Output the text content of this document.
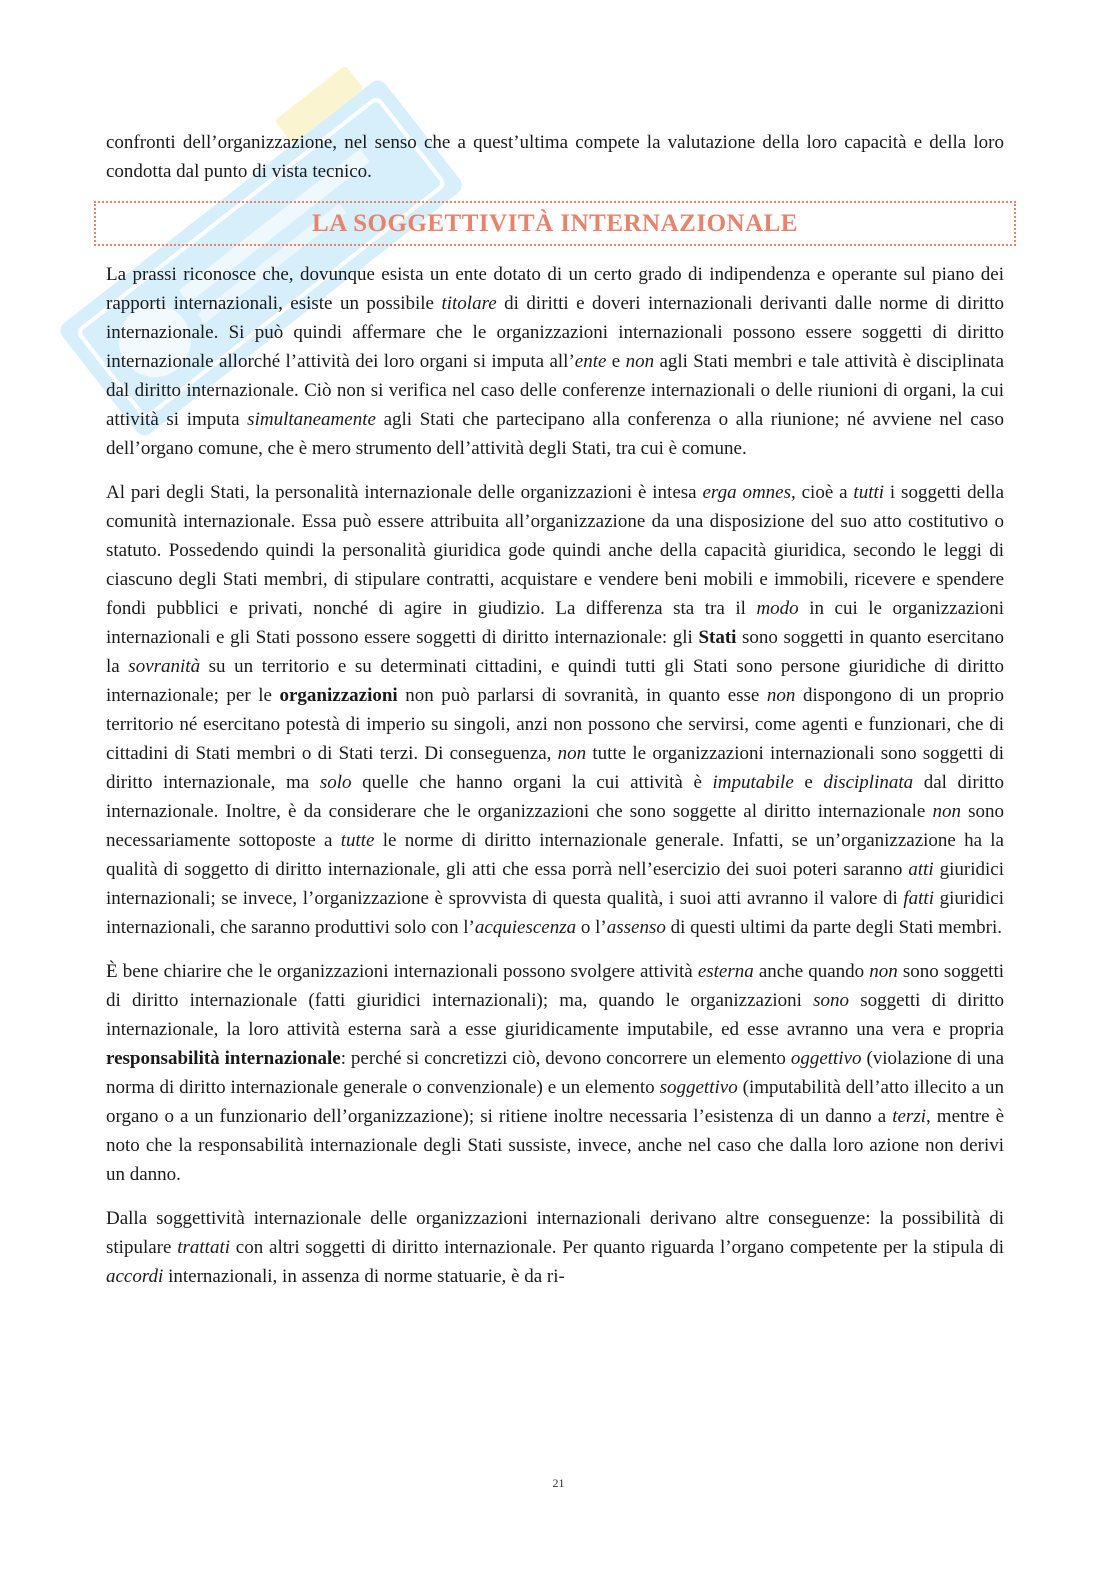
confronti dell’organizzazione, nel senso che a quest’ultima compete la valutazione della loro capacità e della loro condotta dal punto di vista tecnico.

LA SOGGETTIVITÀ INTERNAZIONALE

La prassi riconosce che, dovunque esista un ente dotato di un certo grado di indipendenza e operante sul piano dei rapporti internazionali, esiste un possibile titolare di diritti e doveri internazionali derivanti dalle norme di diritto internazionale. Si può quindi affermare che le organizzazioni internazionali possono essere soggetti di diritto internazionale allorché l’attività dei loro organi si imputa all’ente e non agli Stati membri e tale attività è disciplinata dal diritto internazionale. Ciò non si verifica nel caso delle conferenze internazionali o delle riunioni di organi, la cui attività si imputa simultaneamente agli Stati che partecipano alla conferenza o alla riunione; né avviene nel caso dell’organo comune, che è mero strumento dell’attività degli Stati, tra cui è comune.

Al pari degli Stati, la personalità internazionale delle organizzazioni è intesa erga omnes, cioè a tutti i soggetti della comunità internazionale. Essa può essere attribuita all’organizzazione da una disposizione del suo atto costitutivo o statuto. Possedendo quindi la personalità giuridica gode quindi anche della capacità giuridica, secondo le leggi di ciascuno degli Stati membri, di stipulare contratti, acquistare e vendere beni mobili e immobili, ricevere e spendere fondi pubblici e privati, nonché di agire in giudizio. La differenza sta tra il modo in cui le organizzazioni internazionali e gli Stati possono essere soggetti di diritto internazionale: gli Stati sono soggetti in quanto esercitano la sovranità su un territorio e su determinati cittadini, e quindi tutti gli Stati sono persone giuridiche di diritto internazionale; per le organizzazioni non può parlarsi di sovranità, in quanto esse non dispongono di un proprio territorio né esercitano potestà di imperio su singoli, anzi non possono che servirsi, come agenti e funzionari, che di cittadini di Stati membri o di Stati terzi. Di conseguenza, non tutte le organizzazioni internazionali sono soggetti di diritto internazionale, ma solo quelle che hanno organi la cui attività è imputabile e disciplinata dal diritto internazionale. Inoltre, è da considerare che le organizzazioni che sono soggette al diritto internazionale non sono necessariamente sottoposte a tutte le norme di diritto internazionale generale. Infatti, se un’organizzazione ha la qualità di soggetto di diritto internazionale, gli atti che essa porrà nell’esercizio dei suoi poteri saranno atti giuridici internazionali; se invece, l’organizzazione è sprovvista di questa qualità, i suoi atti avranno il valore di fatti giuridici internazionali, che saranno produttivi solo con l’acquiescenza o l’assenso di questi ultimi da parte degli Stati membri.

È bene chiarire che le organizzazioni internazionali possono svolgere attività esterna anche quando non sono soggetti di diritto internazionale (fatti giuridici internazionali); ma, quando le organizzazioni sono soggetti di diritto internazionale, la loro attività esterna sarà a esse giuridicamente imputabile, ed esse avranno una vera e propria responsabilità internazionale: perché si concretizzi ciò, devono concorrere un elemento oggettivo (violazione di una norma di diritto internazionale generale o convenzionale) e un elemento soggettivo (imputabilità dell’atto illecito a un organo o a un funzionario dell’organizzazione); si ritiene inoltre necessaria l’esistenza di un danno a terzi, mentre è noto che la responsabilità internazionale degli Stati sussiste, invece, anche nel caso che dalla loro azione non derivi un danno.

Dalla soggettività internazionale delle organizzazioni internazionali derivano altre conseguenze: la possibilità di stipulare trattati con altri soggetti di diritto internazionale. Per quanto riguarda l’organo competente per la stipula di accordi internazionali, in assenza di norme statuarie, è da ri-

21
